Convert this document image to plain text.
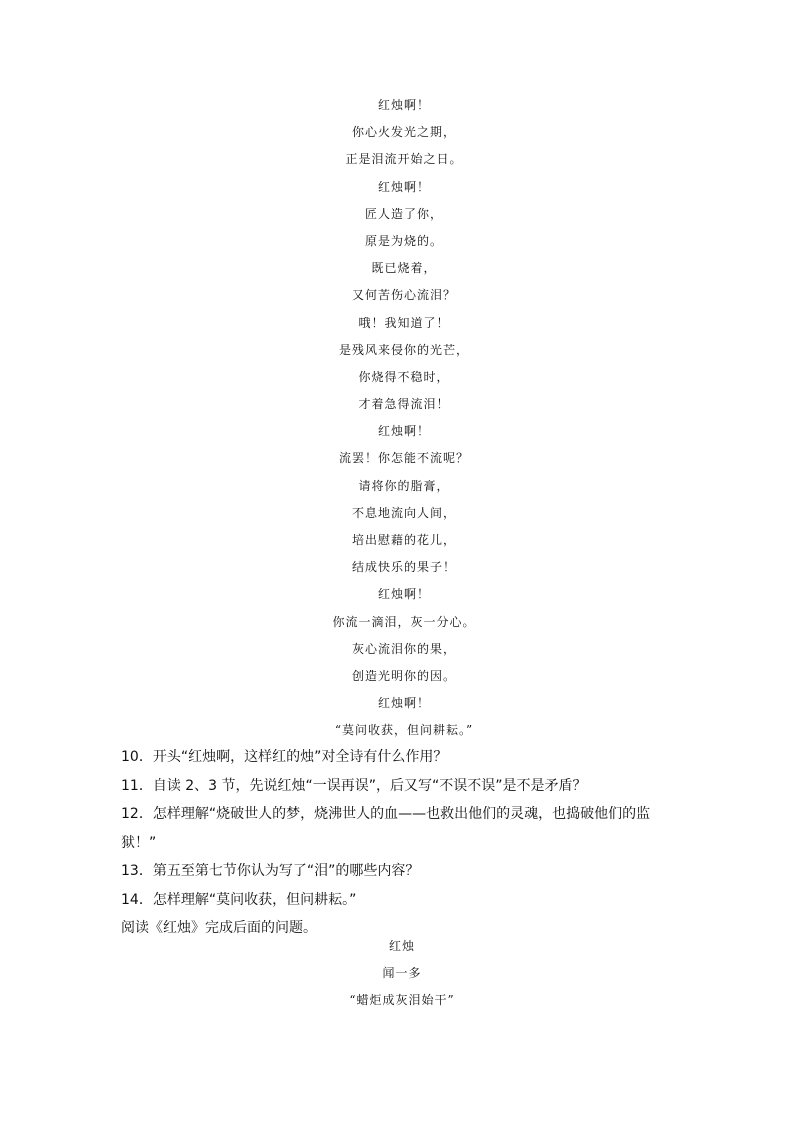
红烛啊！
你心火发光之期，
正是泪流开始之日。
红烛啊！
匠人造了你，
原是为烧的。
既已烧着，
又何苦伤心流泪？
哦！我知道了！
是残风来侵你的光芒，
你烧得不稳时，
才着急得流泪！
红烛啊！
流罢！你怎能不流呢？
请将你的脂膏，
不息地流向人间，
培出慰藉的花儿，
结成快乐的果子！
红烛啊！
你流一滴泪，灰一分心。
灰心流泪你的果，
创造光明你的因。
红烛啊！
“莫问收获，但问耕耘。”
10．开头“红烛啊，这样红的烛”对全诗有什么作用？
11．自读 2、3 节，先说红烛“一误再误”，后又写“不误不误”是不是矛盾？
12．怎样理解“烧破世人的梦，烧沸世人的血——也救出他们的灵魂，也捣破他们的监
狱！”
13．第五至第七节你认为写了“泪”的哪些内容？
14．怎样理解“莫问收获，但问耕耘。”
阅读《红烛》完成后面的问题。
红烛
闻一多
“蜡炬成灰泪始干”
